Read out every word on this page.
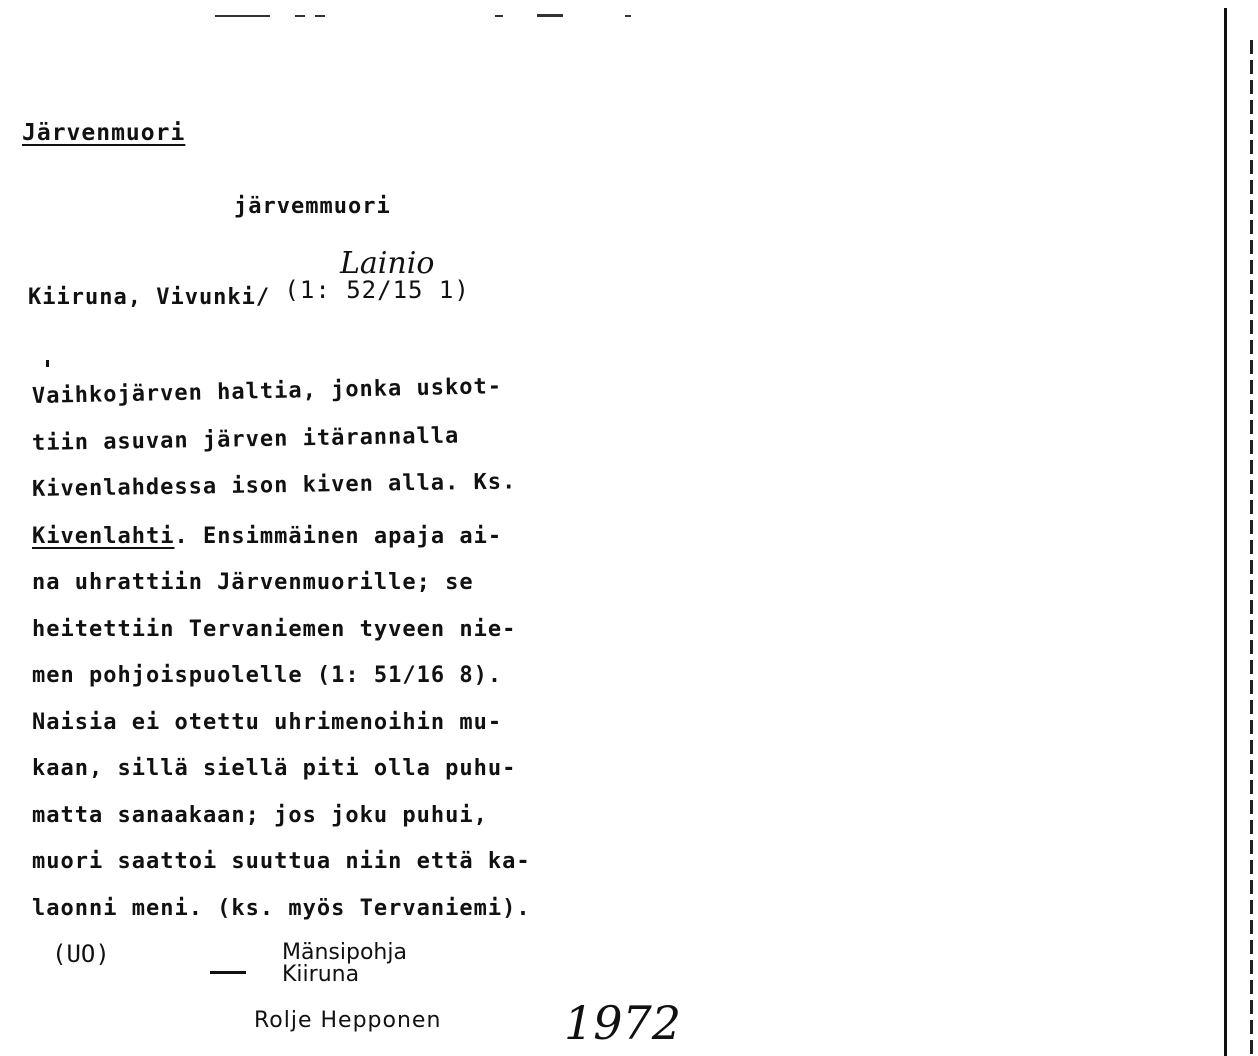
Järvenmuori
järvemmuori
Lainio
Kiiruna, Vivunki/ (1: 52/15 1)
Vaihkojärven haltia, jonka uskot-
tiin asuvan järven itärannalla
Kivenlahdessa ison kiven alla. Ks.
Kivenlahti. Ensimmäinen apaja ai-
na uhrattiin Järvenmuorille; se
heitettiin Tervaniemen tyveen nie-
men pohjoispuolelle (1: 51/16 8).
Naisia ei otettu uhrimenoihin mu-
kaan, sillä siellä piti olla puhu-
matta sanaakaan; jos joku puhui,
muori saattoi suuttua niin että ka-
laonni meni. (ks. myös Tervaniemi).
(UO)	Mänsipohja
Kiiruna
Rolje Hepponen	1972
